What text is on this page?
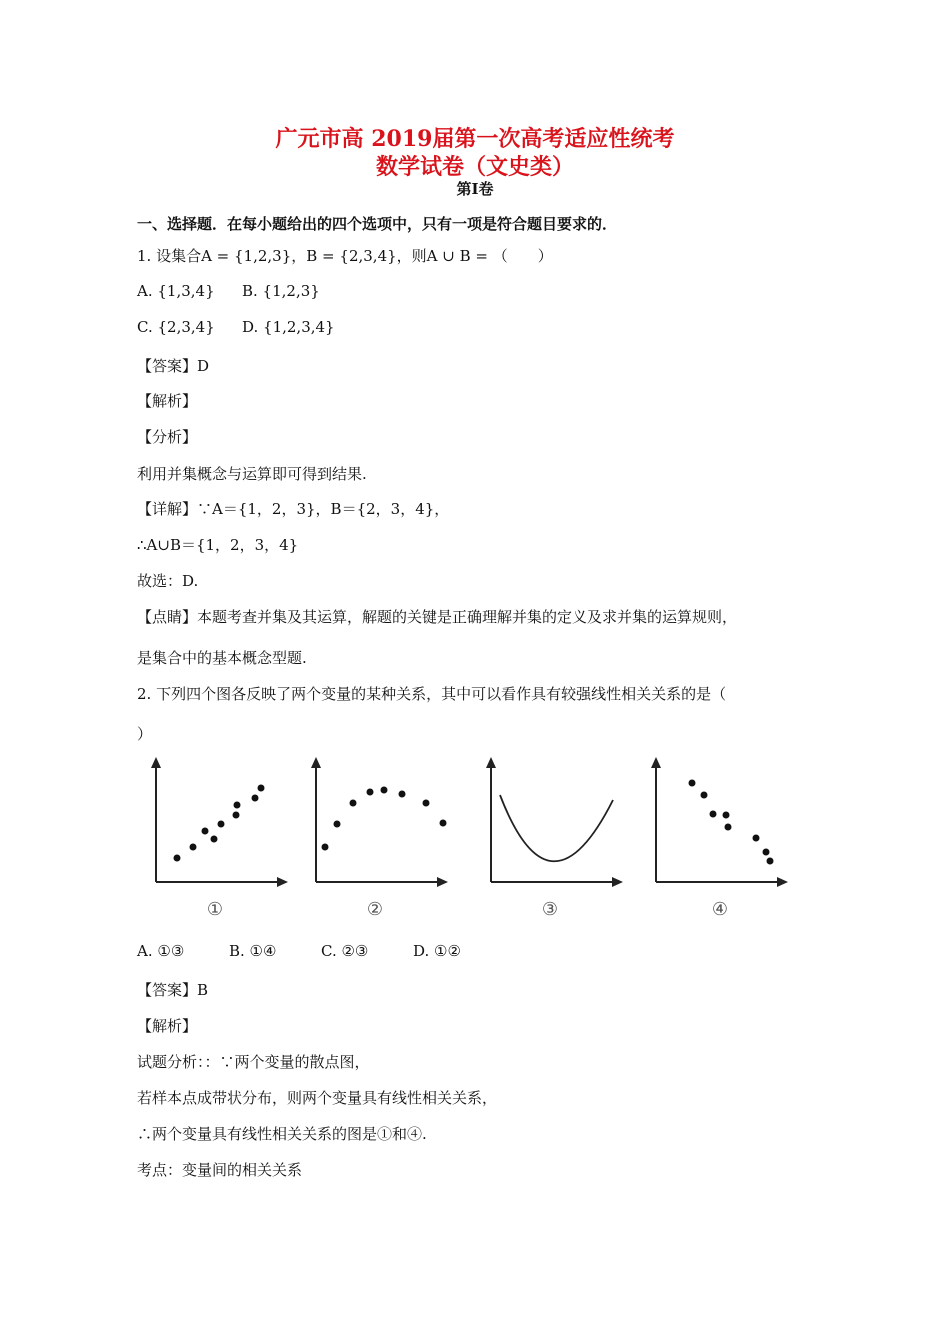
广元市高 2019届第一次高考适应性统考
数学试卷（文史类）
第Ⅰ卷
一、选择题．在每小题给出的四个选项中，只有一项是符合题目要求的．
1. 设集合A = {1,2,3}，B = {2,3,4}，则A ∪ B = （　　）
A. {1,3,4} B. {1,2,3}
C. {2,3,4} D. {1,2,3,4}
【答案】D
【解析】
【分析】
利用并集概念与运算即可得到结果.
【详解】∵A＝{1，2，3}，B＝{2，3，4}，
∴A∪B＝{1，2，3，4}
故选：D.
【点睛】本题考查并集及其运算，解题的关键是正确理解并集的定义及求并集的运算规则，
是集合中的基本概念型题.
2. 下列四个图各反映了两个变量的某种关系，其中可以看作具有较强线性相关关系的是（
）
①	②	③	④
A. ①③	B. ①④	C. ②③	D. ①②
【答案】B
【解析】
试题分析：：∵两个变量的散点图，
若样本点成带状分布，则两个变量具有线性相关关系，
∴两个变量具有线性相关关系的图是①和④.
考点：变量间的相关关系
